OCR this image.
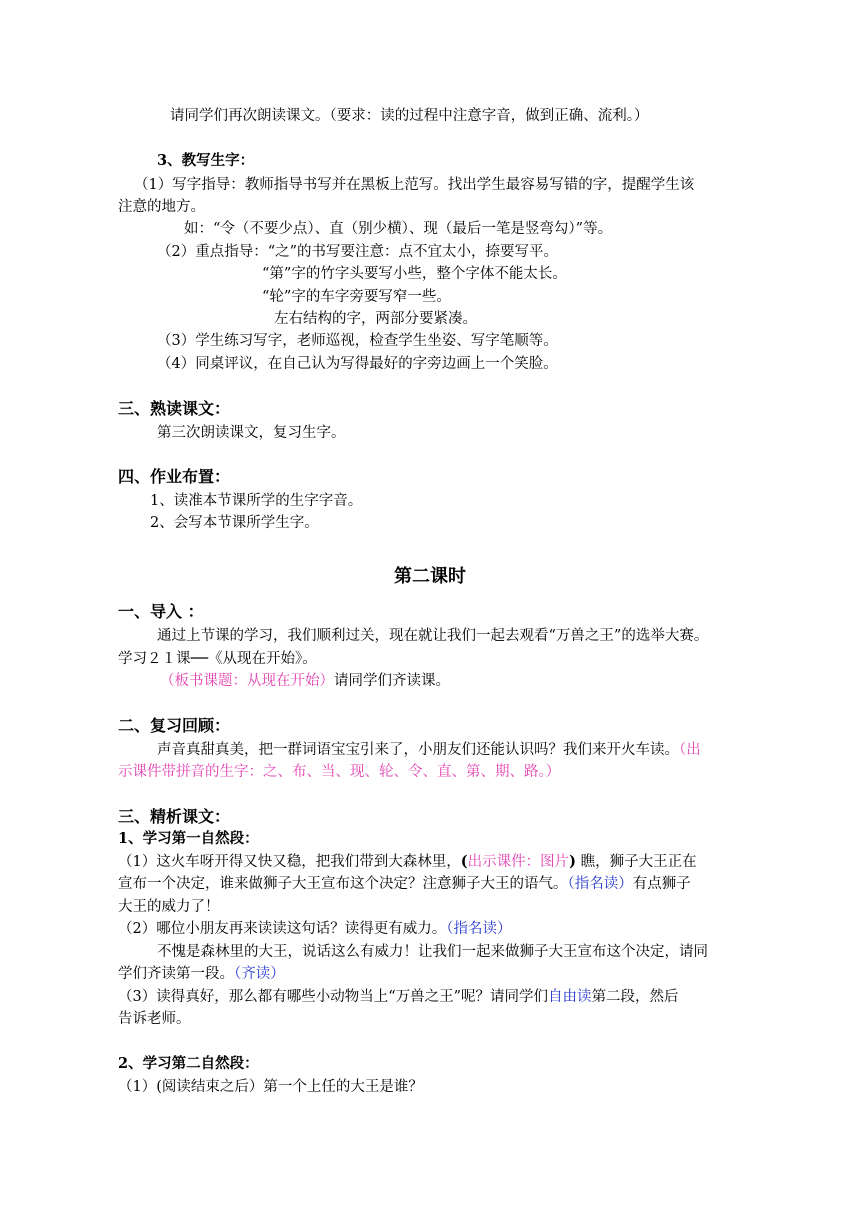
请同学们再次朗读课文。（要求：读的过程中注意字音，做到正确、流利。）

3、教写生字：

（1）写字指导：教师指导书写并在黑板上范写。找出学生最容易写错的字，提醒学生该

注意的地方。

如：“令（不要少点）、直（别少横）、现（最后一笔是竖弯勾）”等。

（2）重点指导：“之”的书写要注意：点不宜太小，捺要写平。

“第”字的竹字头要写小些，整个字体不能太长。

“轮”字的车字旁要写窄一些。

左右结构的字，两部分要紧凑。

（3）学生练习写字，老师巡视，检查学生坐姿、写字笔顺等。

（4）同桌评议，在自己认为写得最好的字旁边画上一个笑脸。

三、熟读课文：

第三次朗读课文，复习生字。

四、作业布置：

1、读准本节课所学的生字字音。

2、会写本节课所学生字。

第二课时

一、导入 ：

通过上节课的学习，我们顺利过关，现在就让我们一起去观看“万兽之王”的选举大赛。

学习２１课──《从现在开始》。

（板书课题：从现在开始）请同学们齐读课。

二、复习回顾：

声音真甜真美，把一群词语宝宝引来了，小朋友们还能认识吗？我们来开火车读。（出

示课件带拼音的生字：之、布、当、现、轮、令、直、第、期、路。）

三、精析课文：

1、学习第一自然段：

（1）这火车呀开得又快又稳，把我们带到大森林里，(出示课件：图片) 瞧，狮子大王正在

宣布一个决定，谁来做狮子大王宣布这个决定？注意狮子大王的语气。（指名读）有点狮子

大王的威力了！

（2）哪位小朋友再来读读这句话？读得更有威力。（指名读）

不愧是森林里的大王，说话这么有威力！让我们一起来做狮子大王宣布这个决定，请同

学们齐读第一段。（齐读）

（3）读得真好，那么都有哪些小动物当上“万兽之王”呢？请同学们自由读第二段，然后

告诉老师。

2、学习第二自然段：

（1）(阅读结束之后）第一个上任的大王是谁？
